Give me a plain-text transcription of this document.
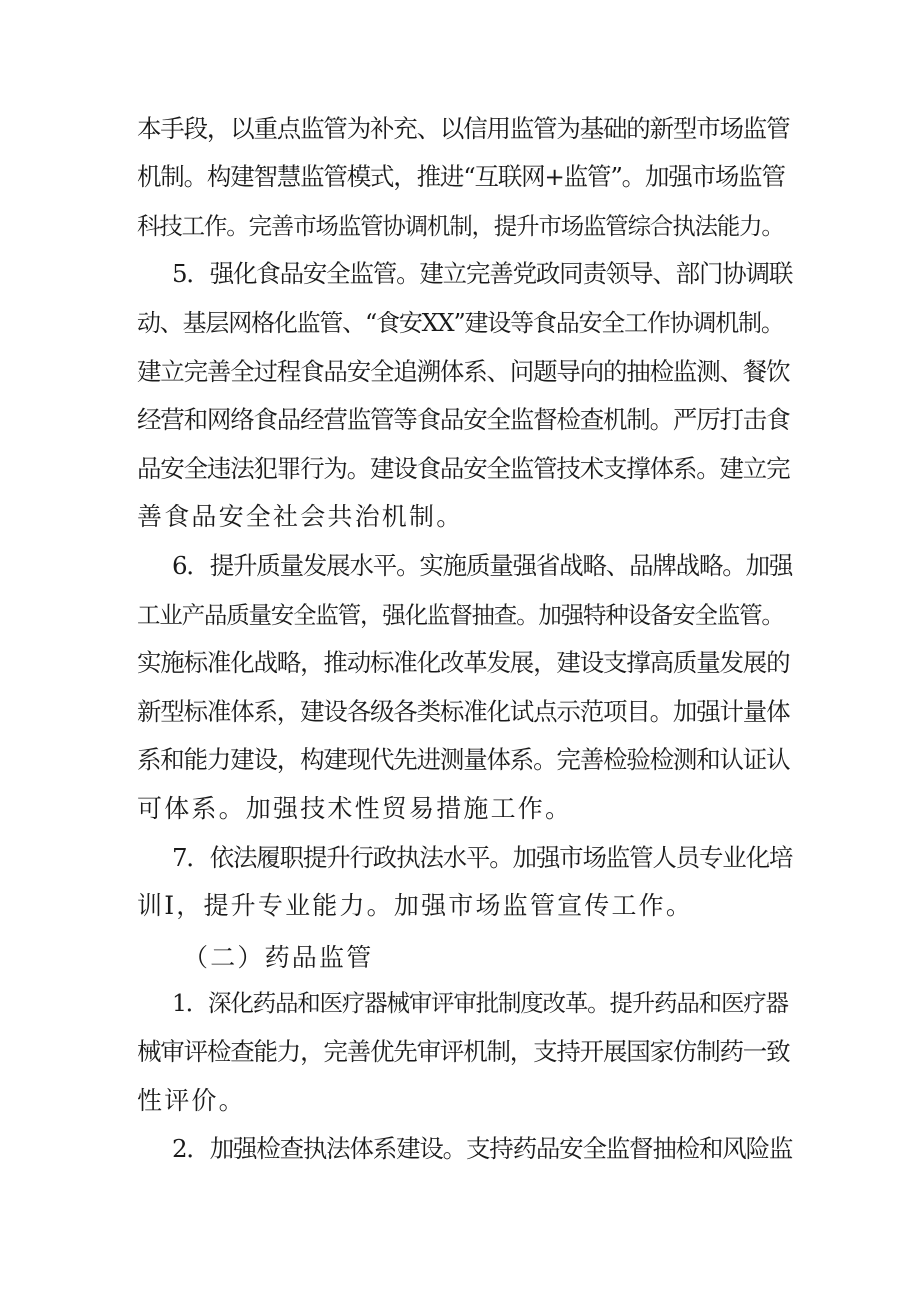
本手段，以重点监管为补充、以信用监管为基础的新型市场监管
机制。构建智慧监管模式，推进“互联网+监管”。加强市场监管
科技工作。完善市场监管协调机制，提升市场监管综合执法能力。
5．强化食品安全监管。建立完善党政同责领导、部门协调联
动、基层网格化监管、“食安XX”建设等食品安全工作协调机制。
建立完善全过程食品安全追溯体系、问题导向的抽检监测、餐饮
经营和网络食品经营监管等食品安全监督检查机制。严厉打击食
品安全违法犯罪行为。建设食品安全监管技术支撑体系。建立完
善食品安全社会共治机制。
6．提升质量发展水平。实施质量强省战略、品牌战略。加强
工业产品质量安全监管，强化监督抽查。加强特种设备安全监管。
实施标准化战略，推动标准化改革发展，建设支撑高质量发展的
新型标准体系，建设各级各类标准化试点示范项目。加强计量体
系和能力建设，构建现代先进测量体系。完善检验检测和认证认
可体系。加强技术性贸易措施工作。
7．依法履职提升行政执法水平。加强市场监管人员专业化培
训I，提升专业能力。加强市场监管宣传工作。
（二）药品监管
1．深化药品和医疗器械审评审批制度改革。提升药品和医疗器
械审评检查能力，完善优先审评机制，支持开展国家仿制药一致
性评价。
2．加强检查执法体系建设。支持药品安全监督抽检和风险监
